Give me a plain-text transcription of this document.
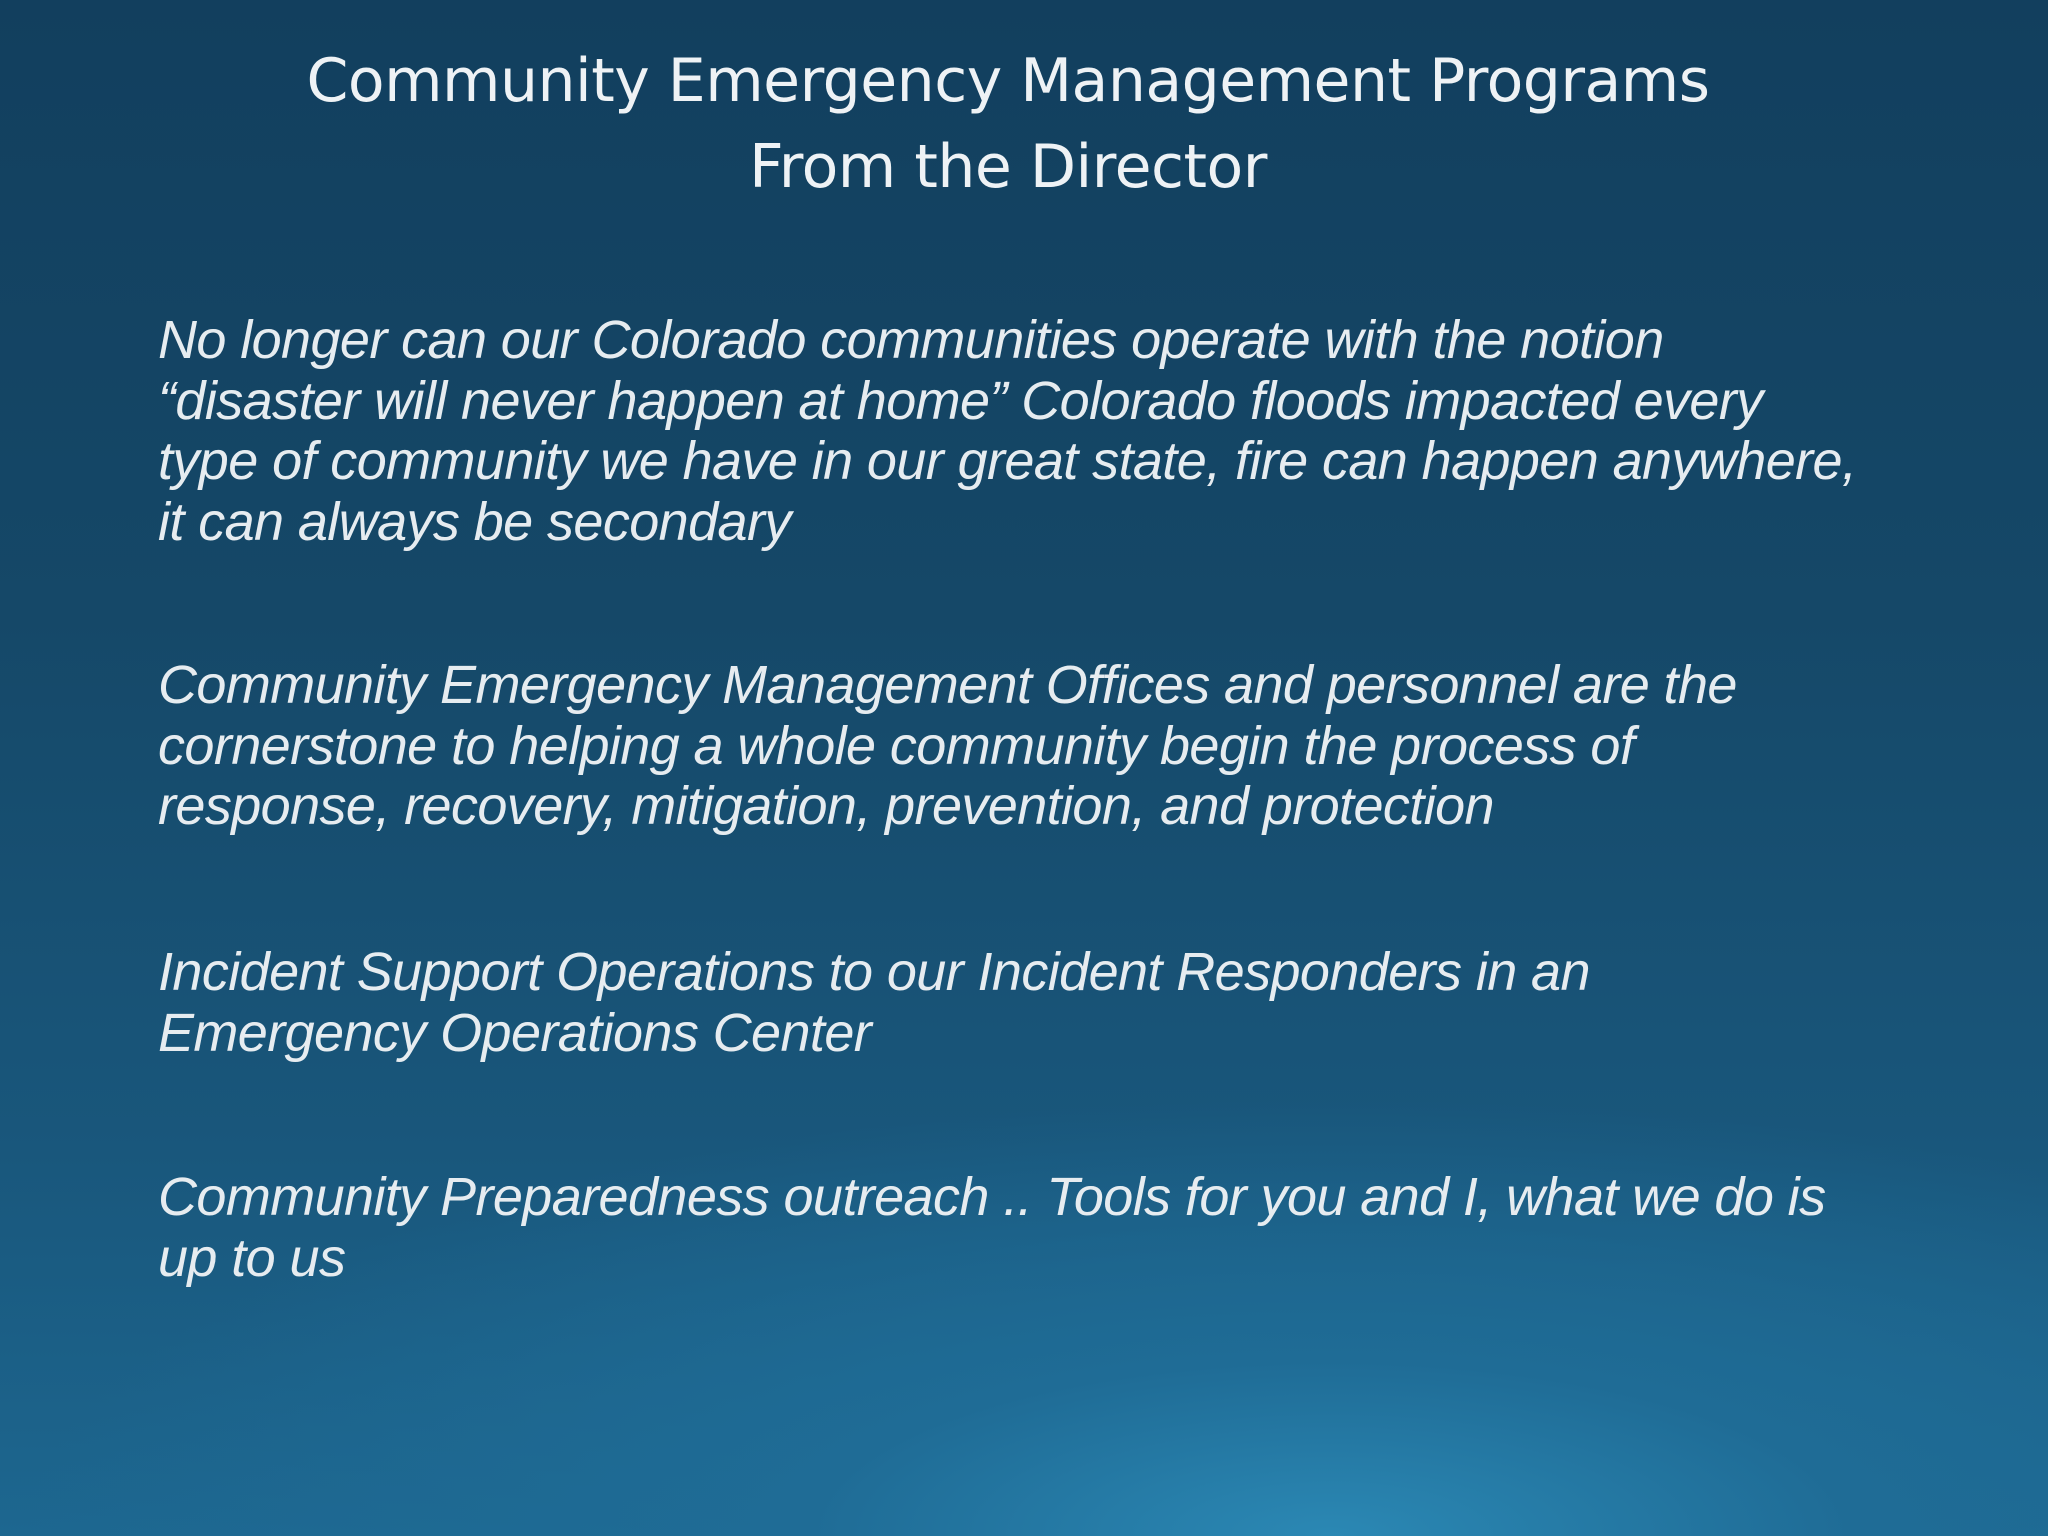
Community Emergency Management Programs
From the Director

No longer can our Colorado communities operate with the notion “disaster will never happen at home” Colorado floods impacted every type of community we have in our great state, fire can happen anywhere, it can always be secondary

Community Emergency Management Offices and personnel are the cornerstone to helping a whole community begin the process of response, recovery, mitigation, prevention, and protection

Incident Support Operations to our Incident Responders in an Emergency Operations Center

Community Preparedness outreach .. Tools for you and I, what we do is up to us
